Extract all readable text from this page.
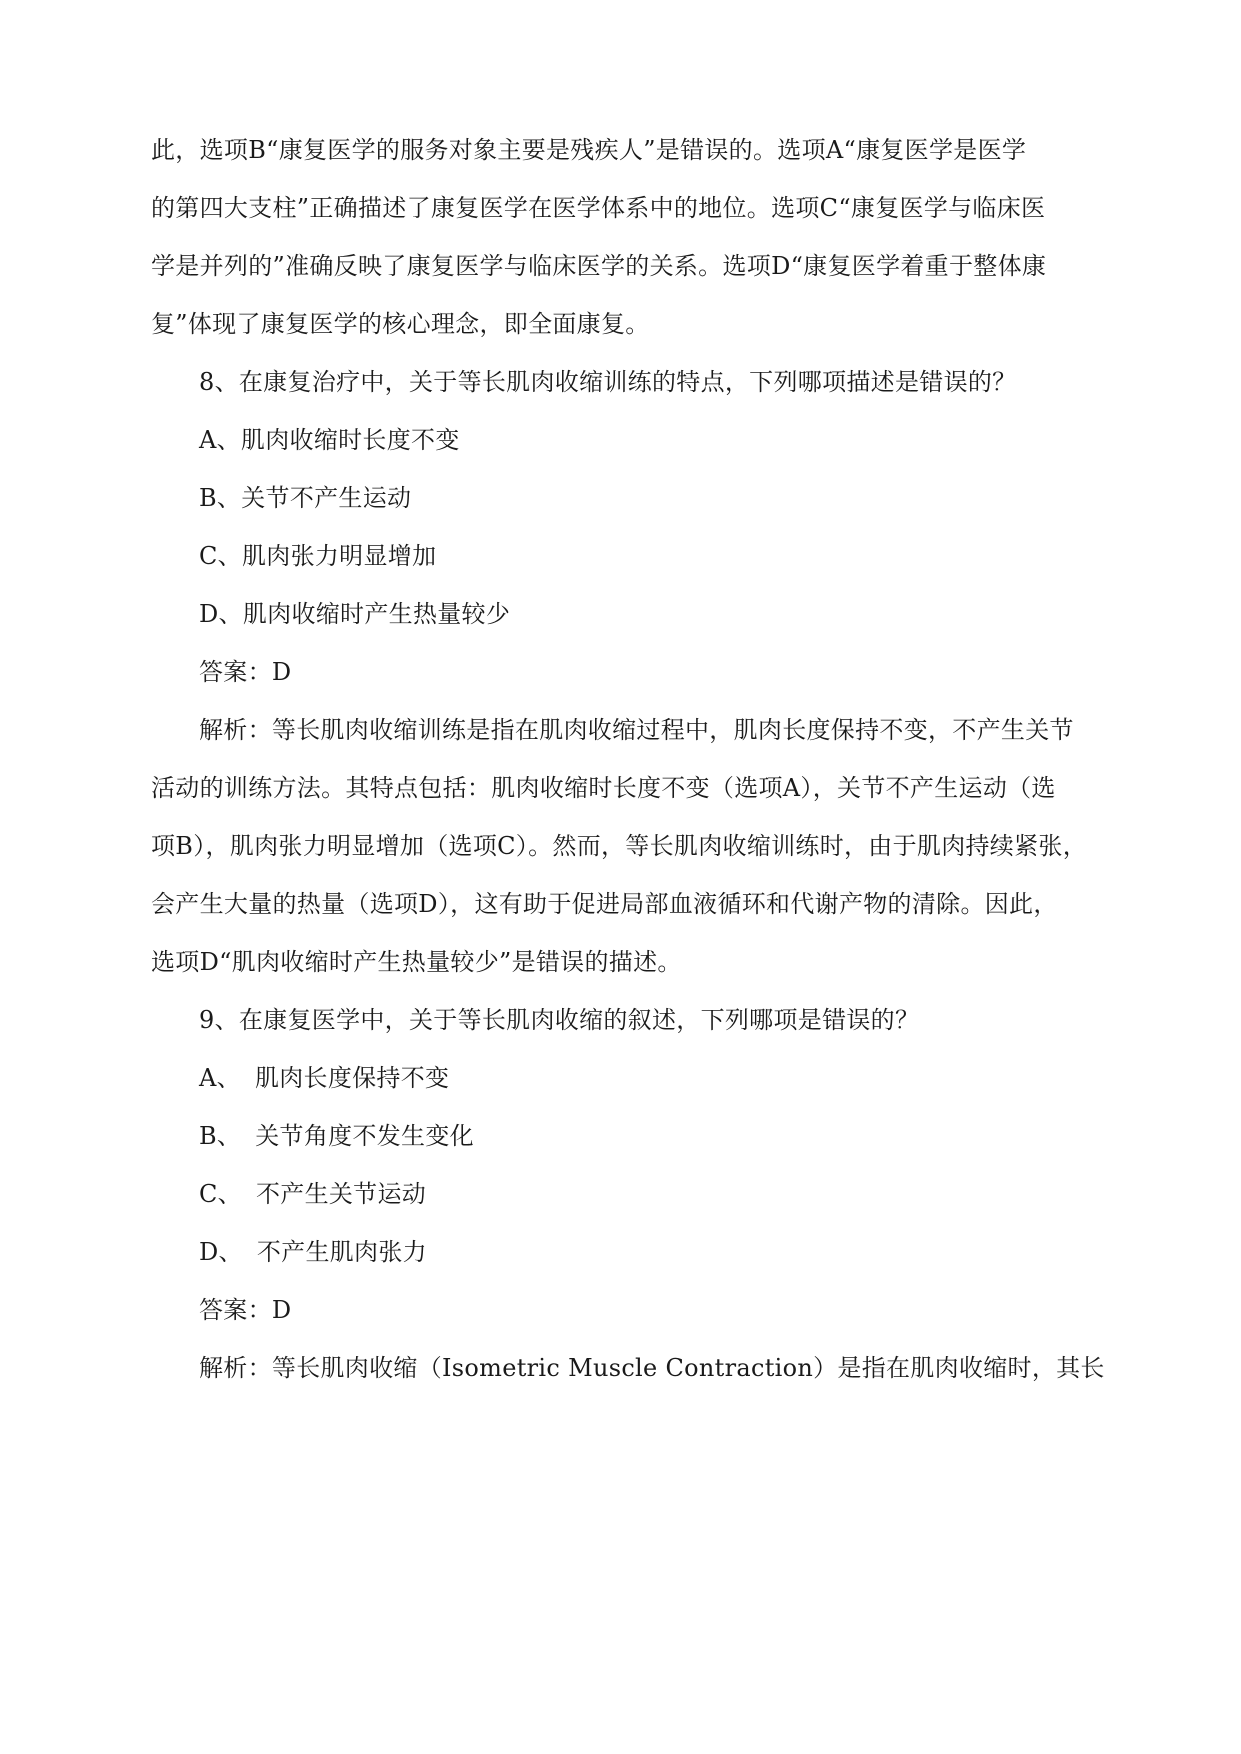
此，选项B“康复医学的服务对象主要是残疾人”是错误的。选项A“康复医学是医学
的第四大支柱”正确描述了康复医学在医学体系中的地位。选项C“康复医学与临床医
学是并列的”准确反映了康复医学与临床医学的关系。选项D“康复医学着重于整体康
复”体现了康复医学的核心理念，即全面康复。
8、在康复治疗中，关于等长肌肉收缩训练的特点，下列哪项描述是错误的？
A、肌肉收缩时长度不变
B、关节不产生运动
C、肌肉张力明显增加
D、肌肉收缩时产生热量较少
答案：D
解析：等长肌肉收缩训练是指在肌肉收缩过程中，肌肉长度保持不变，不产生关节
活动的训练方法。其特点包括：肌肉收缩时长度不变（选项A），关节不产生运动（选
项B），肌肉张力明显增加（选项C）。然而，等长肌肉收缩训练时，由于肌肉持续紧张，
会产生大量的热量（选项D），这有助于促进局部血液循环和代谢产物的清除。因此，
选项D“肌肉收缩时产生热量较少”是错误的描述。
9、在康复医学中，关于等长肌肉收缩的叙述，下列哪项是错误的？
A、 肌肉长度保持不变
B、 关节角度不发生变化
C、 不产生关节运动
D、 不产生肌肉张力
答案：D
解析：等长肌肉收缩（Isometric Muscle Contraction）是指在肌肉收缩时，其长
